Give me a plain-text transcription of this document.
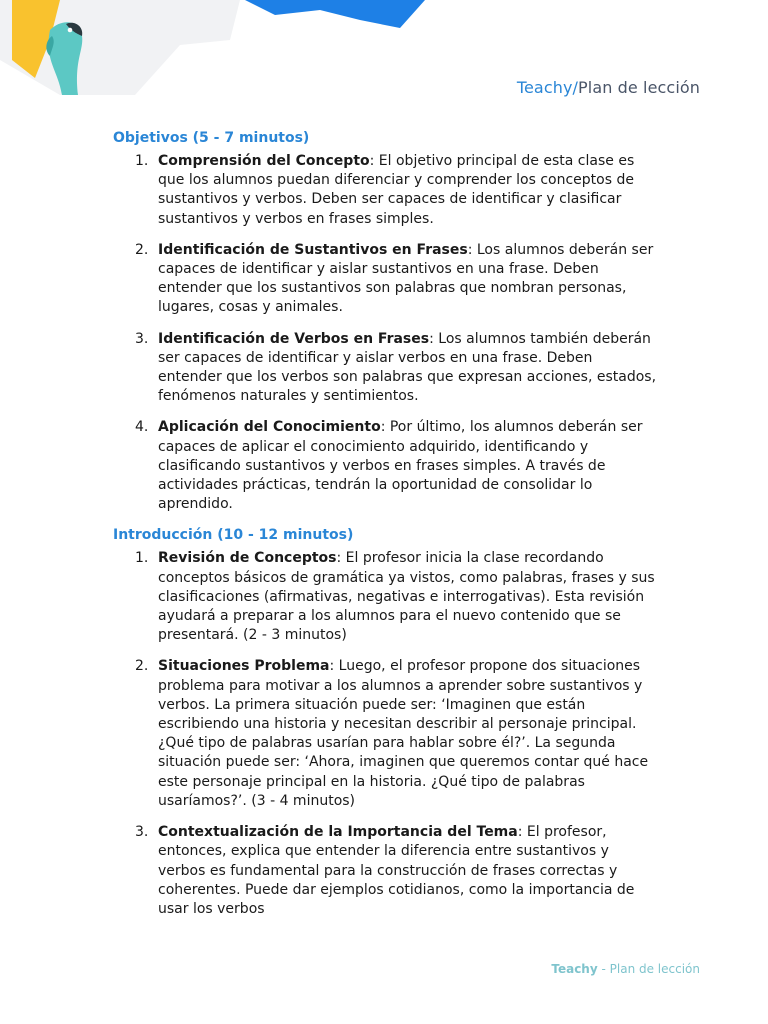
Teachy/Plan de lección
Objetivos (5 - 7 minutos)
1. Comprensión del Concepto: El objetivo principal de esta clase es que los alumnos puedan diferenciar y comprender los conceptos de sustantivos y verbos. Deben ser capaces de identificar y clasificar sustantivos y verbos en frases simples.
2. Identificación de Sustantivos en Frases: Los alumnos deberán ser capaces de identificar y aislar sustantivos en una frase. Deben entender que los sustantivos son palabras que nombran personas, lugares, cosas y animales.
3. Identificación de Verbos en Frases: Los alumnos también deberán ser capaces de identificar y aislar verbos en una frase. Deben entender que los verbos son palabras que expresan acciones, estados, fenómenos naturales y sentimientos.
4. Aplicación del Conocimiento: Por último, los alumnos deberán ser capaces de aplicar el conocimiento adquirido, identificando y clasificando sustantivos y verbos en frases simples. A través de actividades prácticas, tendrán la oportunidad de consolidar lo aprendido.
Introducción (10 - 12 minutos)
1. Revisión de Conceptos: El profesor inicia la clase recordando conceptos básicos de gramática ya vistos, como palabras, frases y sus clasificaciones (afirmativas, negativas e interrogativas). Esta revisión ayudará a preparar a los alumnos para el nuevo contenido que se presentará. (2 - 3 minutos)
2. Situaciones Problema: Luego, el profesor propone dos situaciones problema para motivar a los alumnos a aprender sobre sustantivos y verbos. La primera situación puede ser: ‘Imaginen que están escribiendo una historia y necesitan describir al personaje principal. ¿Qué tipo de palabras usarían para hablar sobre él?’. La segunda situación puede ser: ‘Ahora, imaginen que queremos contar qué hace este personaje principal en la historia. ¿Qué tipo de palabras usaríamos?’. (3 - 4 minutos)
3. Contextualización de la Importancia del Tema: El profesor, entonces, explica que entender la diferencia entre sustantivos y verbos es fundamental para la construcción de frases correctas y coherentes. Puede dar ejemplos cotidianos, como la importancia de usar los verbos
Teachy - Plan de lección
